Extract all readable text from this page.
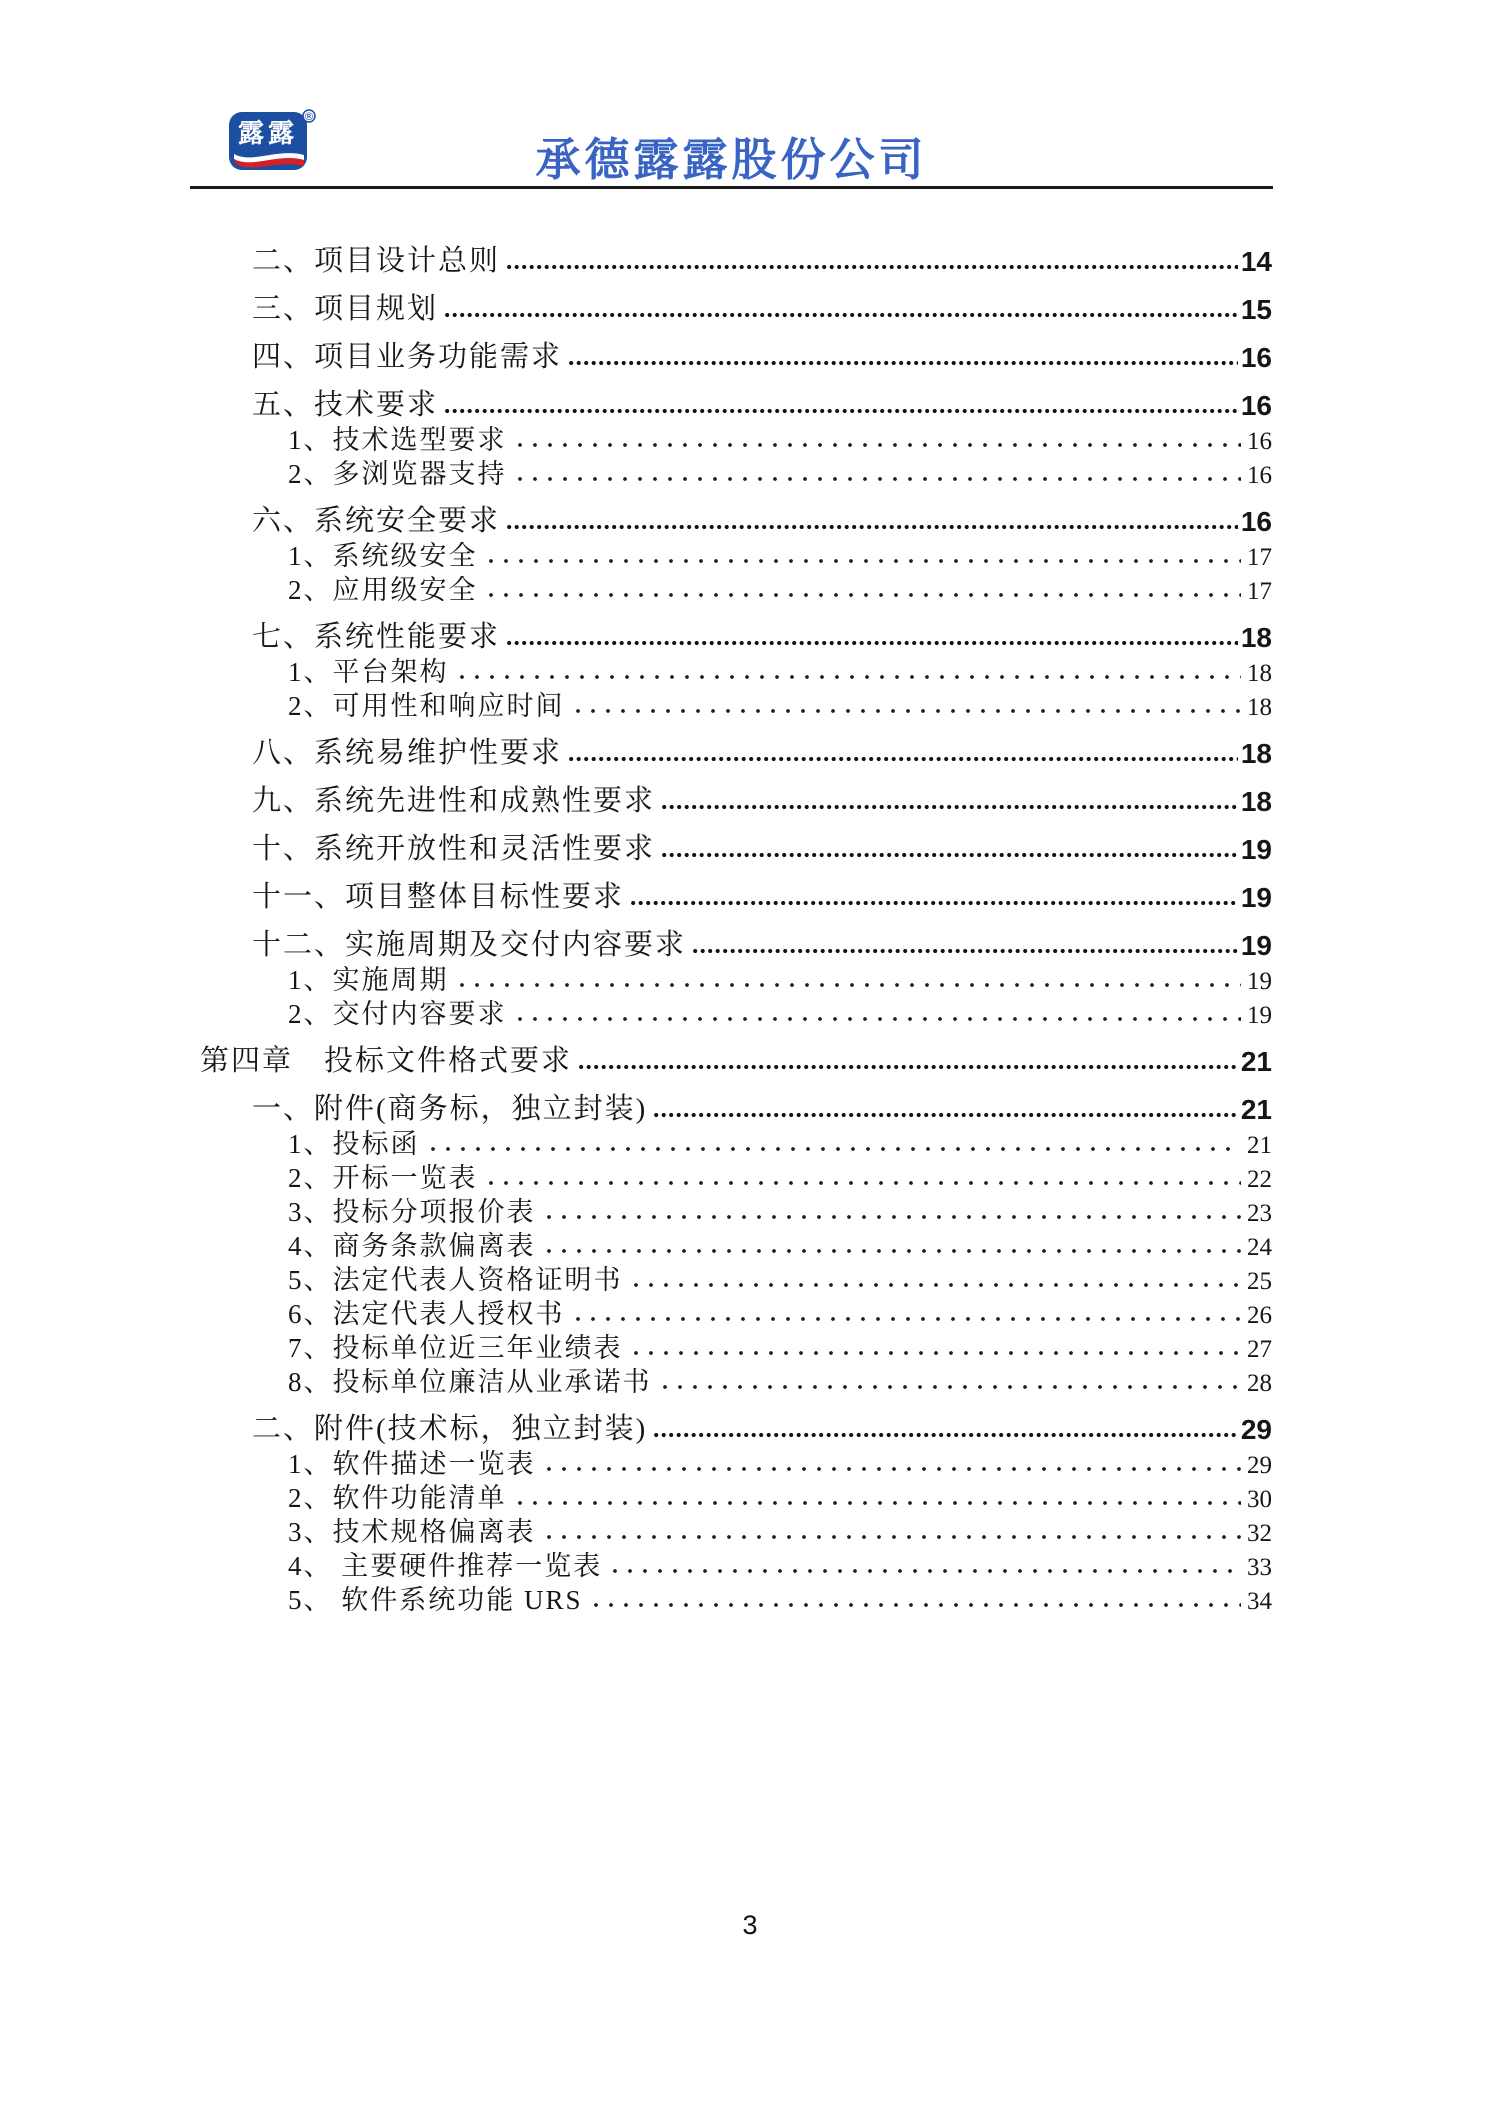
露露
®
承德露露股份公司
二、项目设计总则	14
三、项目规划	15
四、项目业务功能需求	16
五、技术要求	16
1、技术选型要求	16
2、多浏览器支持	16
六、系统安全要求	16
1、系统级安全	17
2、应用级安全	17
七、系统性能要求	18
1、平台架构	18
2、可用性和响应时间	18
八、系统易维护性要求	18
九、系统先进性和成熟性要求	18
十、系统开放性和灵活性要求	19
十一、项目整体目标性要求	19
十二、实施周期及交付内容要求	19
1、实施周期	19
2、交付内容要求	19
第四章　投标文件格式要求	21
一、附件(商务标，独立封装)	21
1、投标函	21
2、开标一览表	22
3、投标分项报价表	23
4、商务条款偏离表	24
5、法定代表人资格证明书	25
6、法定代表人授权书	26
7、投标单位近三年业绩表	27
8、投标单位廉洁从业承诺书	28
二、附件(技术标，独立封装)	29
1、软件描述一览表	29
2、软件功能清单	30
3、技术规格偏离表	32
4、 主要硬件推荐一览表	33
5、 软件系统功能 URS	34
3
